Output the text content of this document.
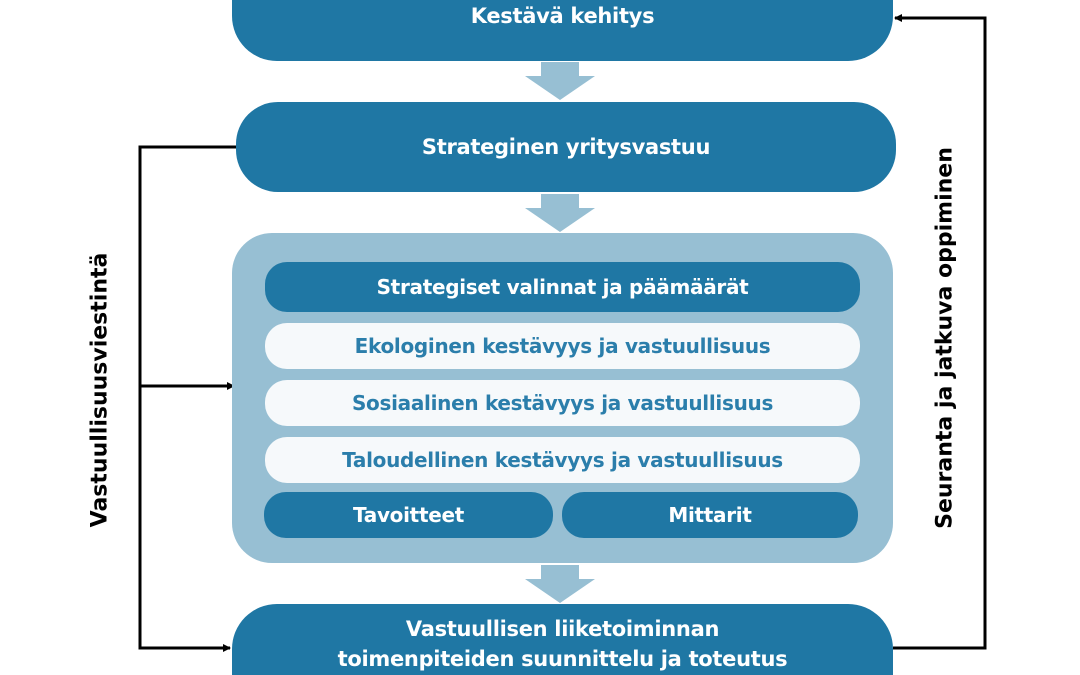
Kestävä kehitys
Strateginen yritysvastuu
Strategiset valinnat ja päämäärät
Ekologinen kestävyys ja vastuullisuus
Sosiaalinen kestävyys ja vastuullisuus
Taloudellinen kestävyys ja vastuullisuus
Tavoitteet	Mittarit
Vastuullisen liiketoiminnan
toimenpiteiden suunnittelu ja toteutus
Vastuullisuusviestintä	Seuranta ja jatkuva oppiminen
